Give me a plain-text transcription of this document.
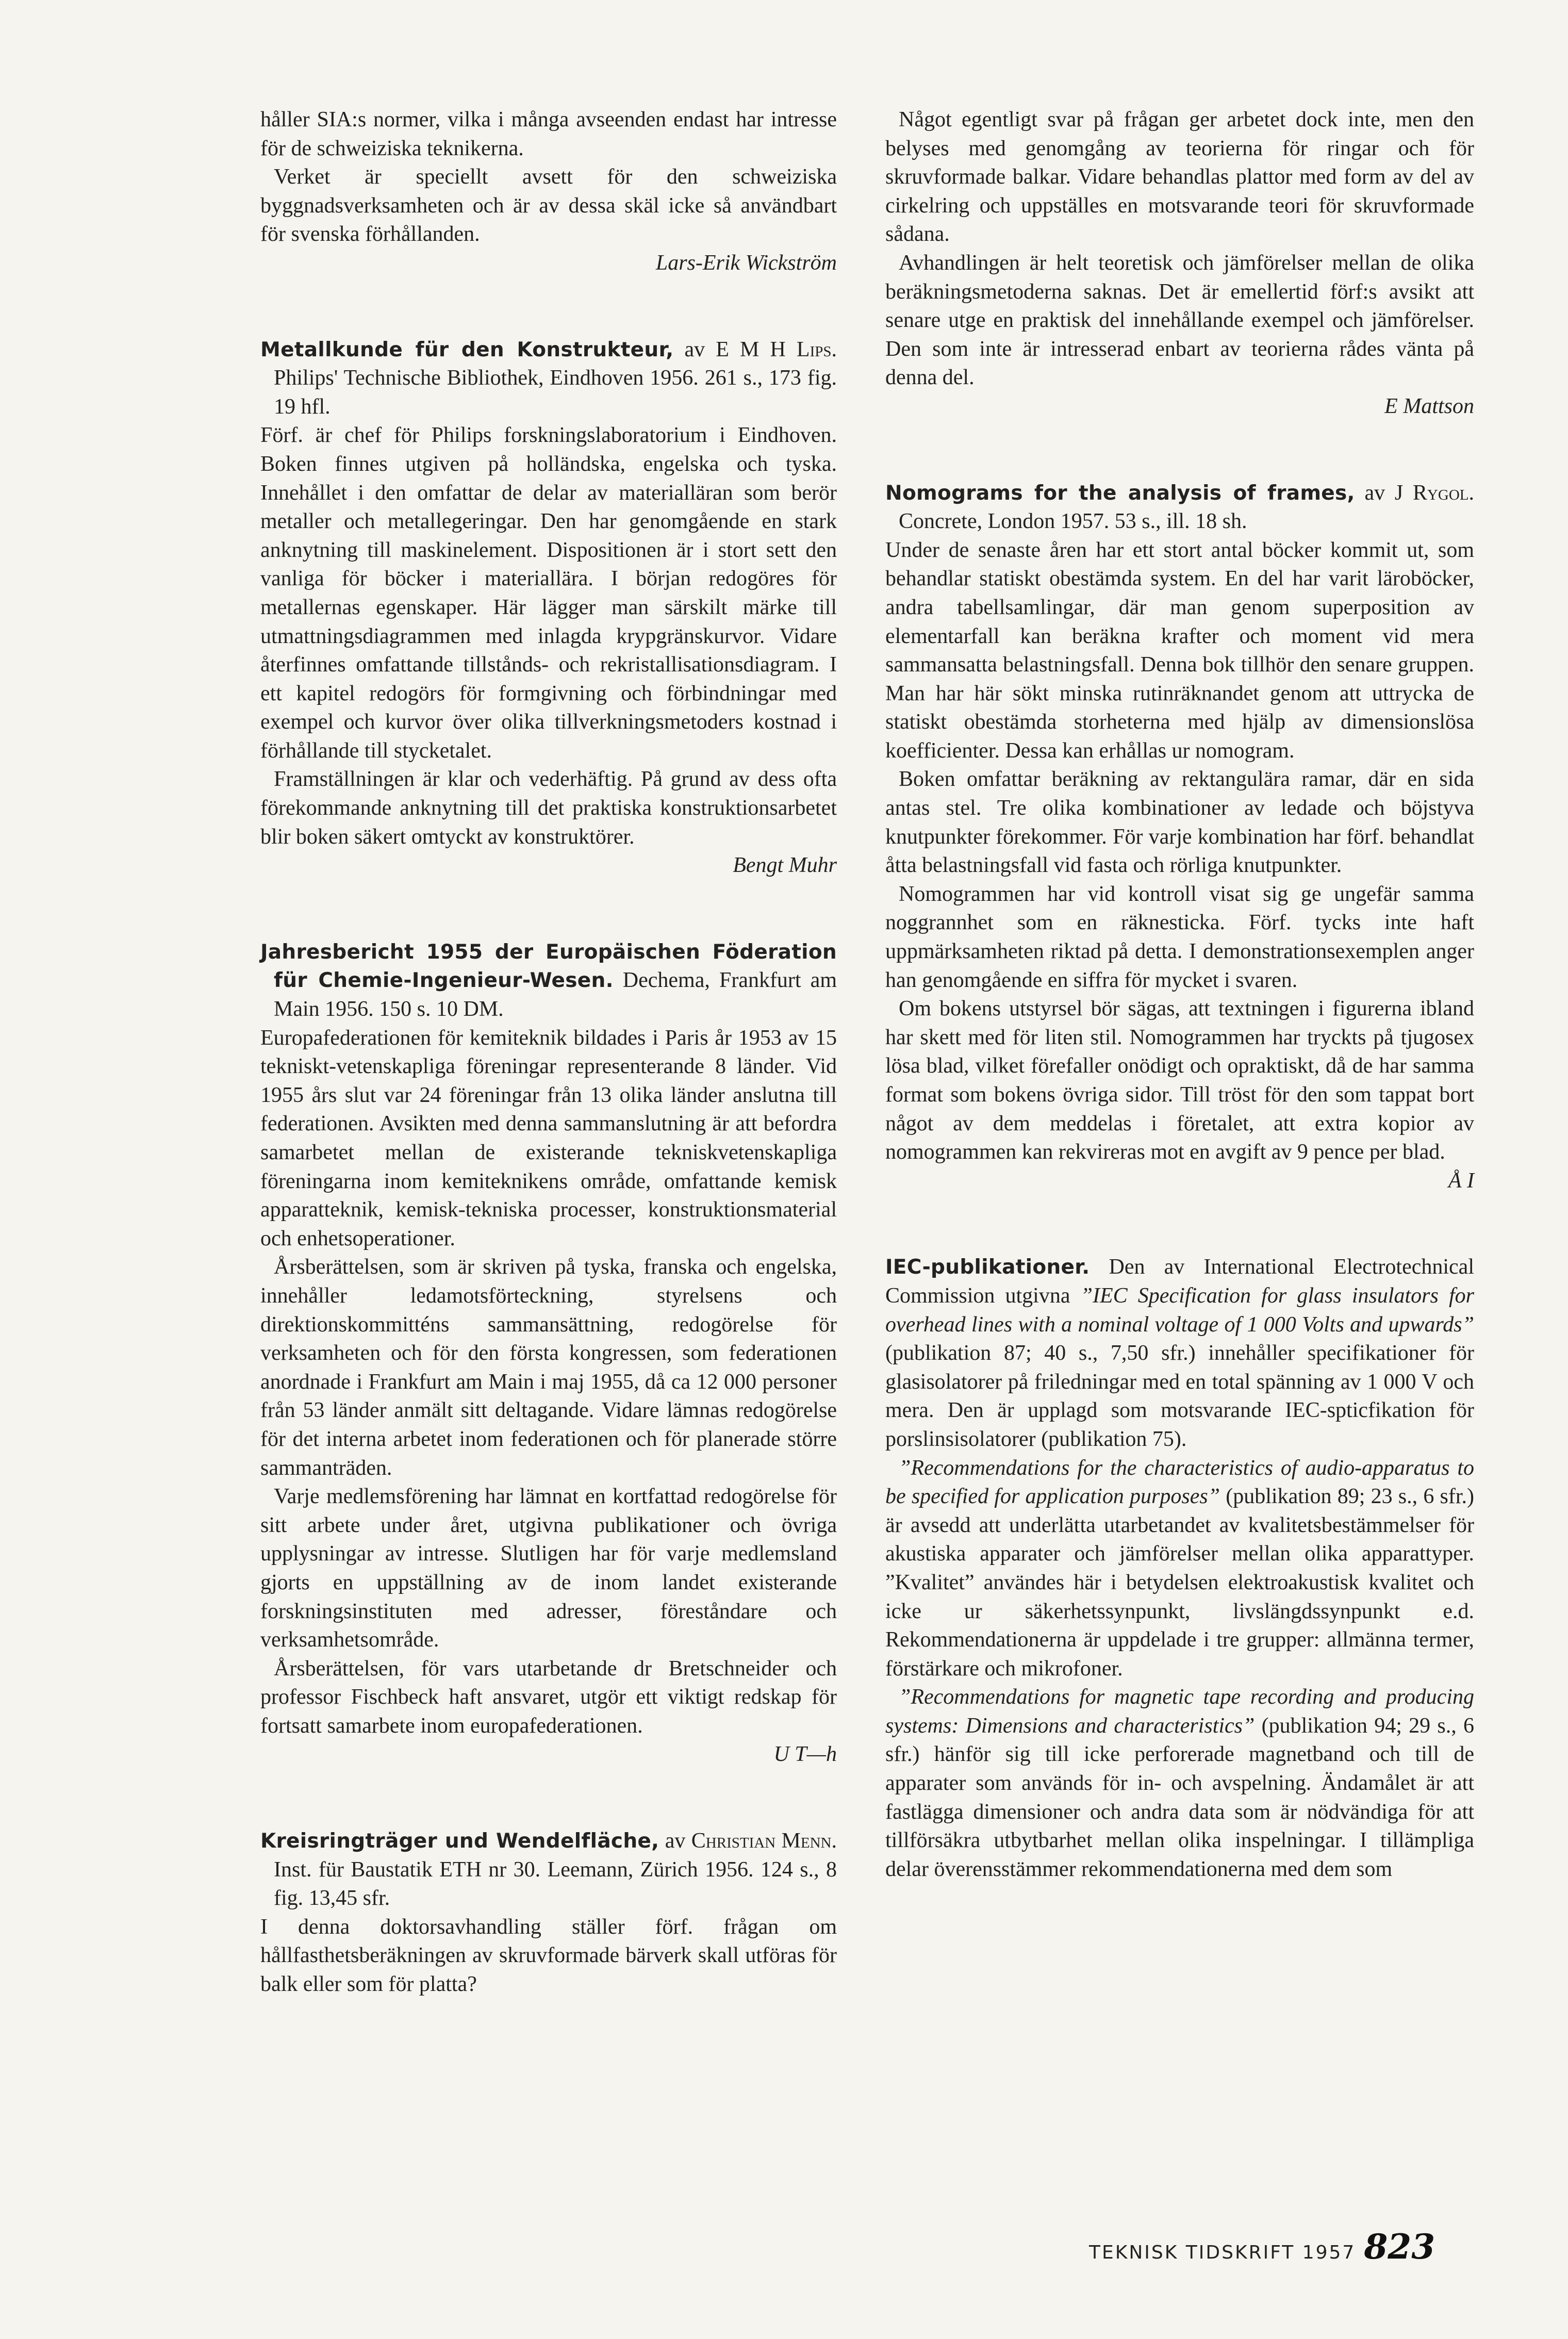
håller SIA:s normer, vilka i många avseenden endast har intresse för de schweiziska teknikerna.

Verket är speciellt avsett för den schweiziska byggnadsverksamheten och är av dessa skäl icke så användbart för svenska förhållanden.

Lars-Erik Wickström

Metallkunde für den Konstrukteur, av E M H Lips. Philips' Technische Bibliothek, Eindhoven 1956. 261 s., 173 fig. 19 hfl.

Förf. är chef för Philips forskningslaboratorium i Eindhoven. Boken finnes utgiven på holländska, engelska och tyska. Innehållet i den omfattar de delar av materialläran som berör metaller och metallegeringar. Den har genomgående en stark anknytning till maskinelement. Dispositionen är i stort sett den vanliga för böcker i materiallära. I början redogöres för metallernas egenskaper. Här lägger man särskilt märke till utmattningsdiagrammen med inlagda krypgränskurvor. Vidare återfinnes omfattande tillstånds- och rekristallisationsdiagram. I ett kapitel redogörs för formgivning och förbindningar med exempel och kurvor över olika tillverkningsmetoders kostnad i förhållande till stycketalet.

Framställningen är klar och vederhäftig. På grund av dess ofta förekommande anknytning till det praktiska konstruktionsarbetet blir boken säkert omtyckt av konstruktörer.

Bengt Muhr

Jahresbericht 1955 der Europäischen Föderation für Chemie-Ingenieur-Wesen. Dechema, Frankfurt am Main 1956. 150 s. 10 DM.

Europafederationen för kemiteknik bildades i Paris år 1953 av 15 tekniskt-vetenskapliga föreningar representerande 8 länder. Vid 1955 års slut var 24 föreningar från 13 olika länder anslutna till federationen. Avsikten med denna sammanslutning är att befordra samarbetet mellan de existerande tekniskvetenskapliga föreningarna inom kemiteknikens område, omfattande kemisk apparatteknik, kemisk-tekniska processer, konstruktionsmaterial och enhetsoperationer.

Årsberättelsen, som är skriven på tyska, franska och engelska, innehåller ledamotsförteckning, styrelsens och direktionskommitténs sammansättning, redogörelse för verksamheten och för den första kongressen, som federationen anordnade i Frankfurt am Main i maj 1955, då ca 12 000 personer från 53 länder anmält sitt deltagande. Vidare lämnas redogörelse för det interna arbetet inom federationen och för planerade större sammanträden.

Varje medlemsförening har lämnat en kortfattad redogörelse för sitt arbete under året, utgivna publikationer och övriga upplysningar av intresse. Slutligen har för varje medlemsland gjorts en uppställning av de inom landet existerande forskningsinstituten med adresser, föreståndare och verksamhetsområde.

Årsberättelsen, för vars utarbetande dr Bretschneider och professor Fischbeck haft ansvaret, utgör ett viktigt redskap för fortsatt samarbete inom europafederationen.

U T—h

Kreisringträger und Wendelfläche, av Christian Menn. Inst. für Baustatik ETH nr 30. Leemann, Zürich 1956. 124 s., 8 fig. 13,45 sfr.

I denna doktorsavhandling ställer förf. frågan om hållfasthetsberäkningen av skruvformade bärverk skall utföras för balk eller som för platta?

Något egentligt svar på frågan ger arbetet dock inte, men den belyses med genomgång av teorierna för ringar och för skruvformade balkar. Vidare behandlas plattor med form av del av cirkelring och uppställes en motsvarande teori för skruvformade sådana.

Avhandlingen är helt teoretisk och jämförelser mellan de olika beräkningsmetoderna saknas. Det är emellertid förf:s avsikt att senare utge en praktisk del innehållande exempel och jämförelser. Den som inte är intresserad enbart av teorierna rådes vänta på denna del.

E Mattson

Nomograms for the analysis of frames, av J Rygol. Concrete, London 1957. 53 s., ill. 18 sh.

Under de senaste åren har ett stort antal böcker kommit ut, som behandlar statiskt obestämda system. En del har varit läroböcker, andra tabellsamlingar, där man genom superposition av elementarfall kan beräkna krafter och moment vid mera sammansatta belastningsfall. Denna bok tillhör den senare gruppen. Man har här sökt minska rutinräknandet genom att uttrycka de statiskt obestämda storheterna med hjälp av dimensionslösa koefficienter. Dessa kan erhållas ur nomogram.

Boken omfattar beräkning av rektangulära ramar, där en sida antas stel. Tre olika kombinationer av ledade och böjstyva knutpunkter förekommer. För varje kombination har förf. behandlat åtta belastningsfall vid fasta och rörliga knutpunkter.

Nomogrammen har vid kontroll visat sig ge ungefär samma noggrannhet som en räknesticka. Förf. tycks inte haft uppmärksamheten riktad på detta. I demonstrationsexemplen anger han genomgående en siffra för mycket i svaren.

Om bokens utstyrsel bör sägas, att textningen i figurerna ibland har skett med för liten stil. Nomogrammen har tryckts på tjugosex lösa blad, vilket förefaller onödigt och opraktiskt, då de har samma format som bokens övriga sidor. Till tröst för den som tappat bort något av dem meddelas i företalet, att extra kopior av nomogrammen kan rekvireras mot en avgift av 9 pence per blad.

Å I

IEC-publikationer. Den av International Electrotechnical Commission utgivna ”IEC Specification for glass insulators for overhead lines with a nominal voltage of 1 000 Volts and upwards” (publikation 87; 40 s., 7,50 sfr.) innehåller specifikationer för glasisolatorer på friledningar med en total spänning av 1 000 V och mera. Den är upplagd som motsvarande IEC-spticfikation för porslinsisolatorer (publikation 75).

”Recommendations for the characteristics of audio-apparatus to be specified for application purposes” (publikation 89; 23 s., 6 sfr.) är avsedd att underlätta utarbetandet av kvalitetsbestämmelser för akustiska apparater och jämförelser mellan olika apparattyper. ”Kvalitet” användes här i betydelsen elektroakustisk kvalitet och icke ur säkerhetssynpunkt, livslängdssynpunkt e.d. Rekommendationerna är uppdelade i tre grupper: allmänna termer, förstärkare och mikrofoner.

”Recommendations for magnetic tape recording and producing systems: Dimensions and characteristics” (publikation 94; 29 s., 6 sfr.) hänför sig till icke perforerade magnetband och till de apparater som används för in- och avspelning. Ändamålet är att fastlägga dimensioner och andra data som är nödvändiga för att tillförsäkra utbytbarhet mellan olika inspelningar. I tillämpliga delar överensstämmer rekommendationerna med dem som

TEKNISK TIDSKRIFT 1957 823
